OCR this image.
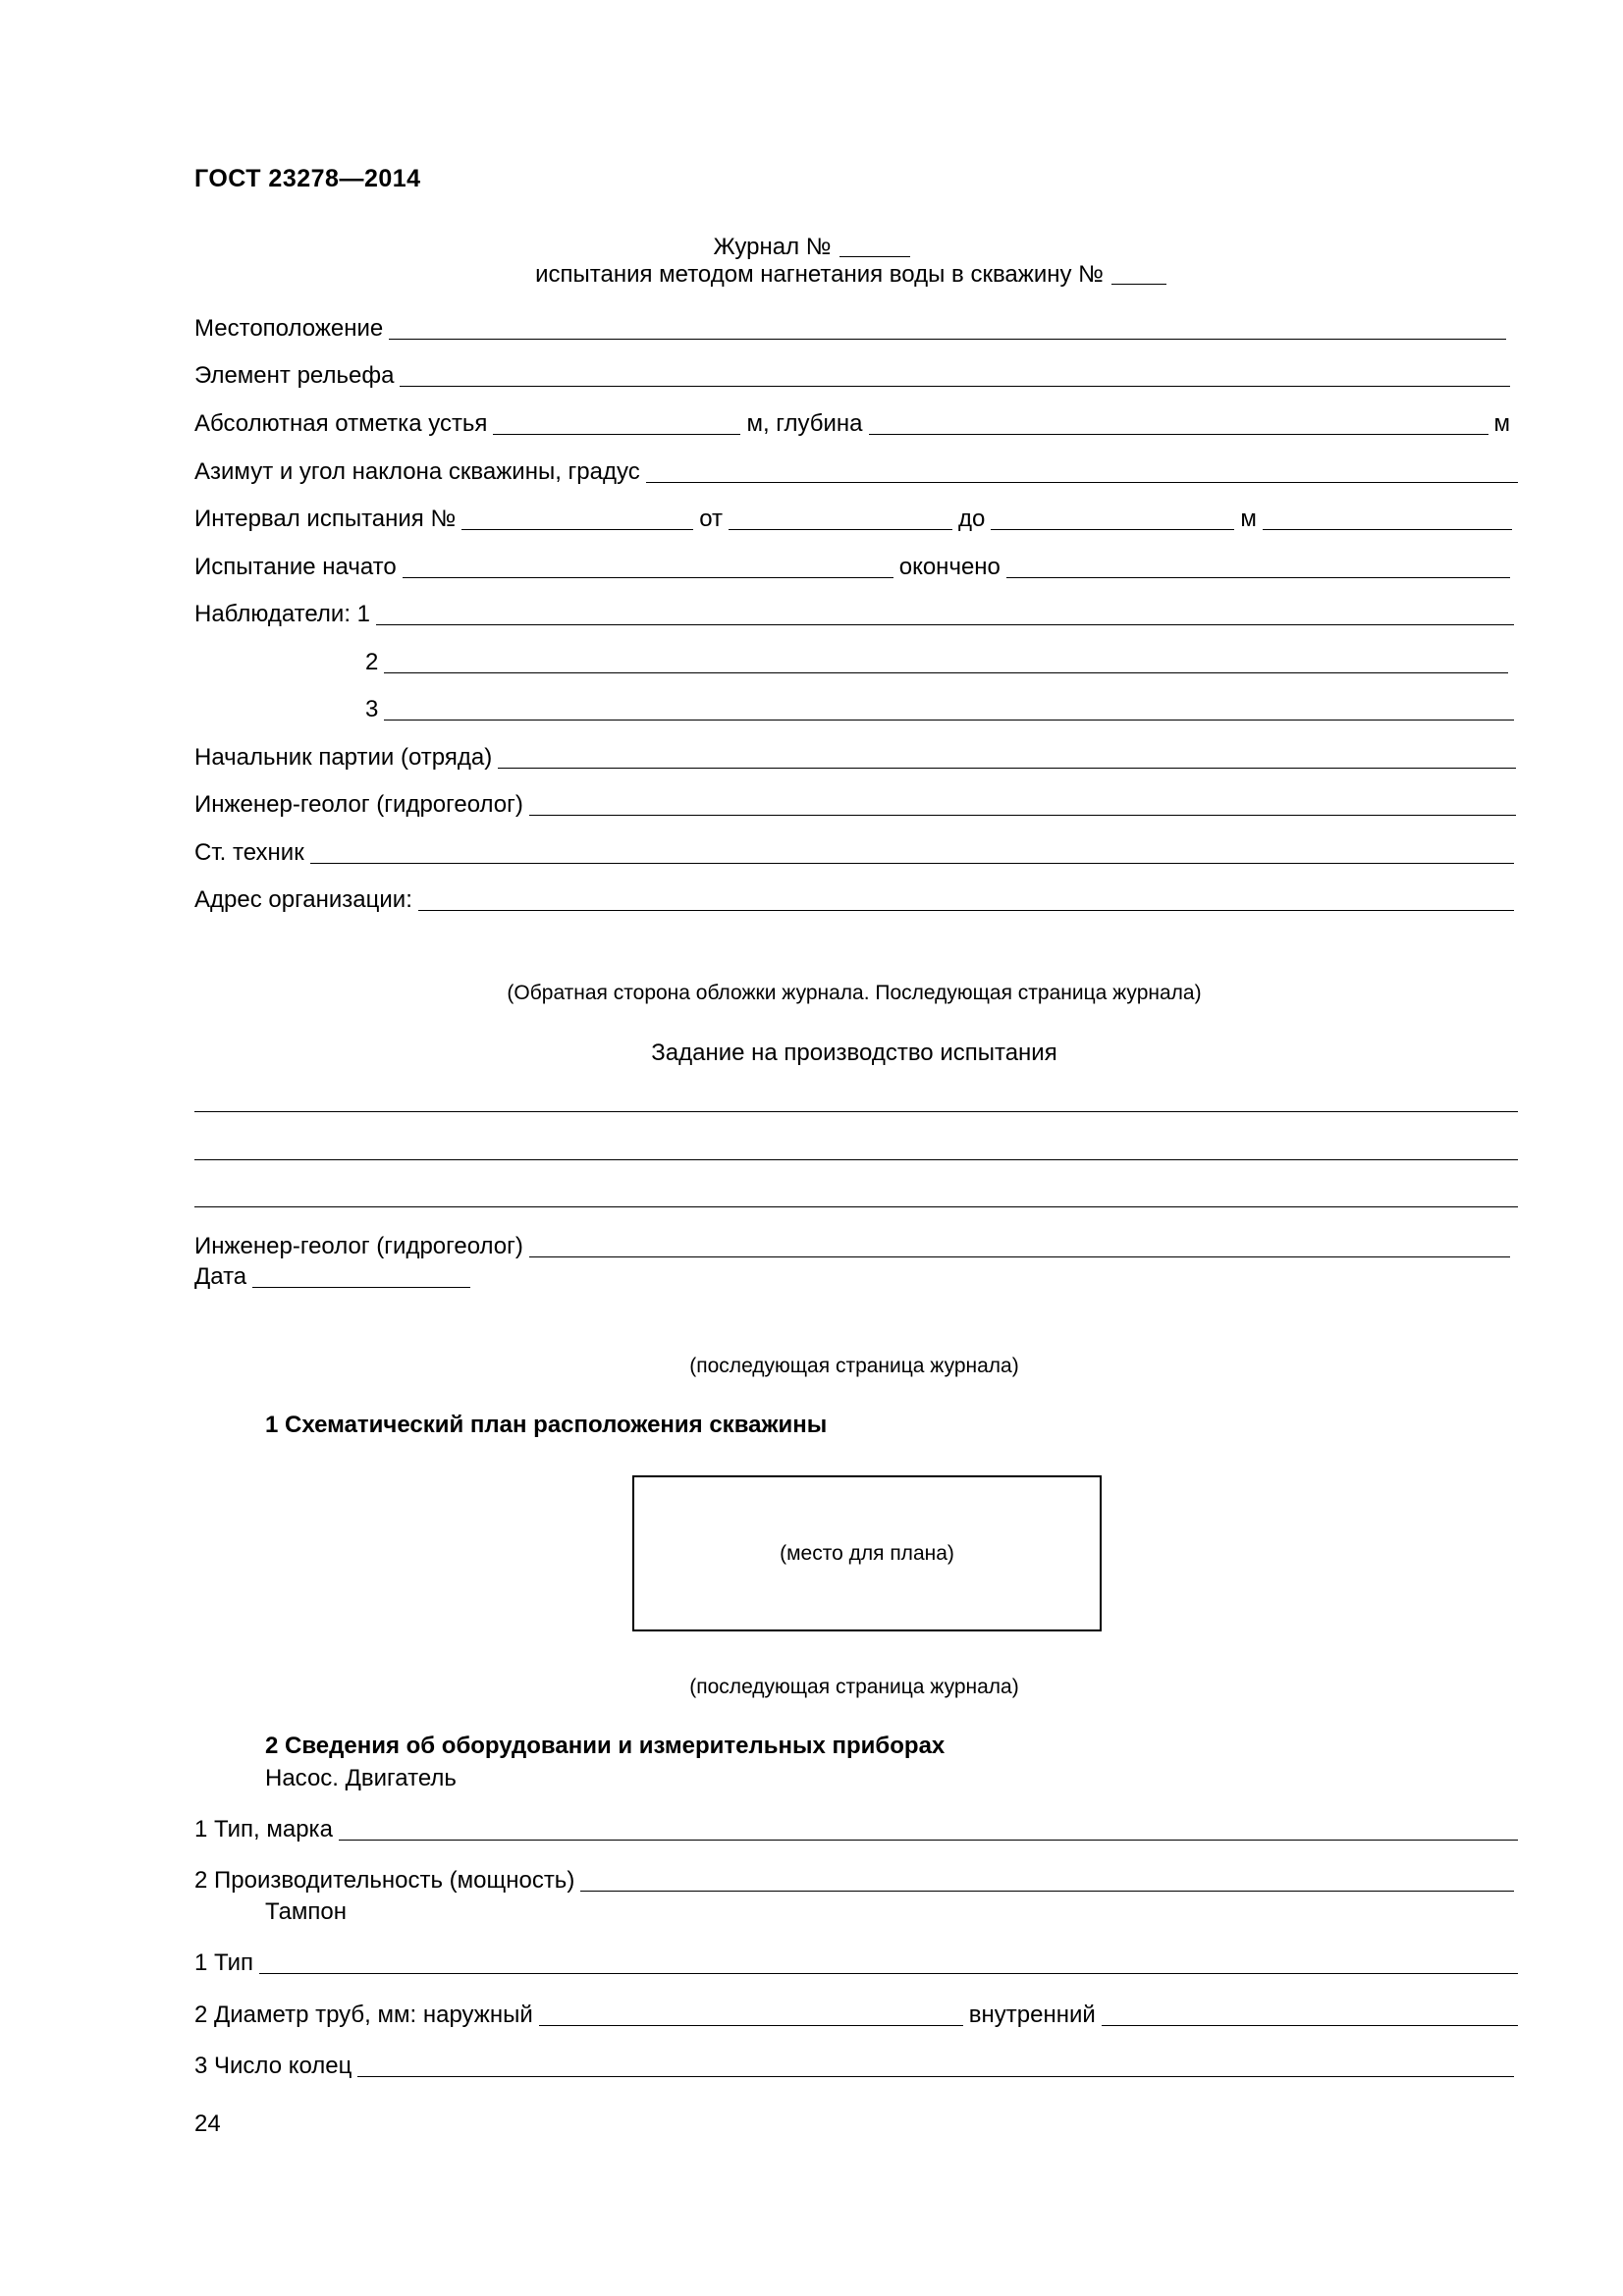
ГОСТ 23278—2014
Журнал №
испытания методом нагнетания воды в скважину №
Местоположение
Элемент рельефа
Абсолютная отметка устья	м, глубина	м
Азимут и угол наклона скважины, градус
Интервал испытания №	от	до	м
Испытание начато	окончено
Наблюдатели: 1
2
3
Начальник партии (отряда)
Инженер-геолог (гидрогеолог)
Ст. техник
Адрес организации:
(Обратная сторона обложки журнала. Последующая страница журнала)
Задание на производство испытания
Инженер-геолог (гидрогеолог)
Дата
(последующая страница журнала)
1 Схематический план расположения скважины
(место для плана)
(последующая страница журнала)
2 Сведения об оборудовании и измерительных приборах
Насос. Двигатель
1 Тип, марка
2 Производительность (мощность)
Тампон
1 Тип
2 Диаметр труб, мм: наружный	внутренний
3 Число колец
24
